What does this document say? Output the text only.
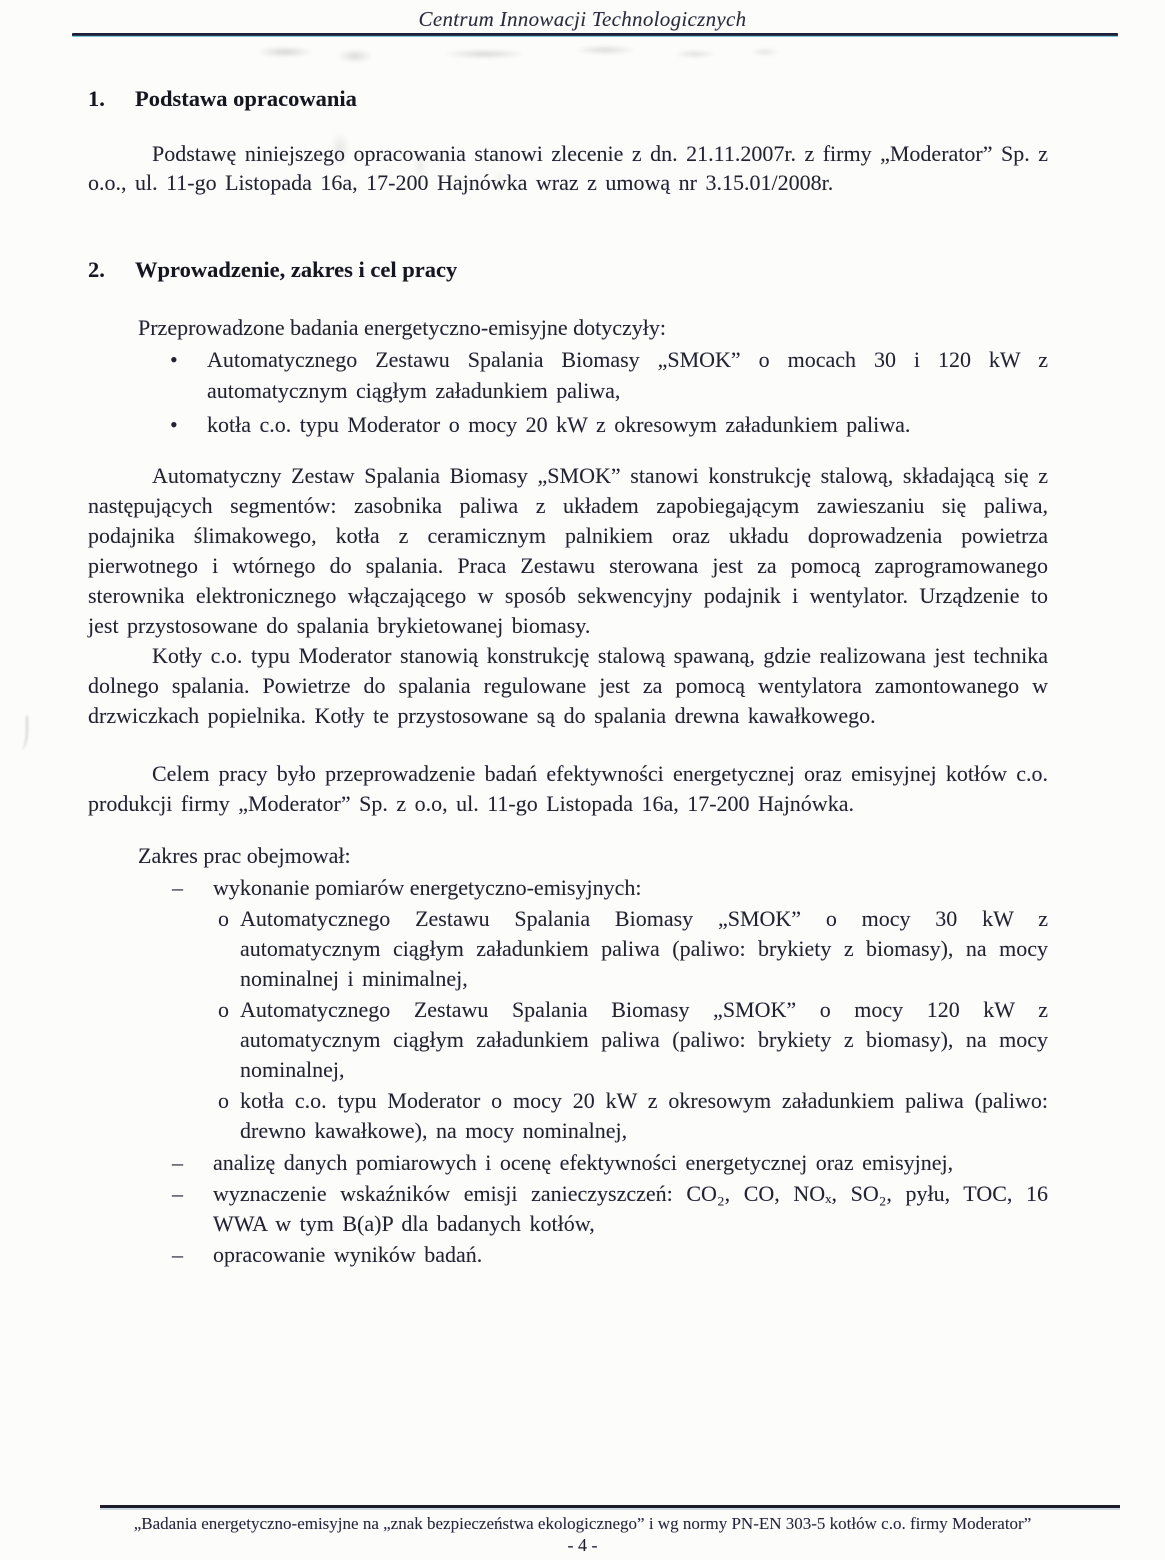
Centrum Innowacji Technologicznych
1.	Podstawa opracowania
Podstawę niniejszego opracowania stanowi zlecenie z dn. 21.11.2007r. z firmy „Moderator” Sp. z o.o., ul. 11-go Listopada 16a, 17-200 Hajnówka wraz z umową nr 3.15.01/2008r.
2.	Wprowadzenie, zakres i cel pracy
Przeprowadzone badania energetyczno-emisyjne dotyczyły:
•	Automatycznego Zestawu Spalania Biomasy „SMOK” o mocach 30 i 120 kW z automatycznym ciągłym załadunkiem paliwa,
•	kotła c.o. typu Moderator o mocy 20 kW z okresowym załadunkiem paliwa.
Automatyczny Zestaw Spalania Biomasy „SMOK” stanowi konstrukcję stalową, składającą się z następujących segmentów: zasobnika paliwa z układem zapobiegającym zawieszaniu się paliwa, podajnika ślimakowego, kotła z ceramicznym palnikiem oraz układu doprowadzenia powietrza pierwotnego i wtórnego do spalania. Praca Zestawu sterowana jest za pomocą zaprogramowanego sterownika elektronicznego włączającego w sposób sekwencyjny podajnik i wentylator. Urządzenie to jest przystosowane do spalania brykietowanej biomasy.
Kotły c.o. typu Moderator stanowią konstrukcję stalową spawaną, gdzie realizowana jest technika dolnego spalania. Powietrze do spalania regulowane jest za pomocą wentylatora zamontowanego w drzwiczkach popielnika. Kotły te przystosowane są do spalania drewna kawałkowego.
Celem pracy było przeprowadzenie badań efektywności energetycznej oraz emisyjnej kotłów c.o. produkcji firmy „Moderator” Sp. z o.o, ul. 11-go Listopada 16a, 17-200 Hajnówka.
Zakres prac obejmował:
–	wykonanie pomiarów energetyczno-emisyjnych:
o Automatycznego Zestawu Spalania Biomasy „SMOK” o mocy 30 kW z automatycznym ciągłym załadunkiem paliwa (paliwo: brykiety z biomasy), na mocy nominalnej i minimalnej,
o Automatycznego Zestawu Spalania Biomasy „SMOK” o mocy 120 kW z automatycznym ciągłym załadunkiem paliwa (paliwo: brykiety z biomasy), na mocy nominalnej,
o kotła c.o. typu Moderator o mocy 20 kW z okresowym załadunkiem paliwa (paliwo: drewno kawałkowe), na mocy nominalnej,
–	analizę danych pomiarowych i ocenę efektywności energetycznej oraz emisyjnej,
–	wyznaczenie wskaźników emisji zanieczyszczeń: CO₂, CO, NOₓ, SO₂, pyłu, TOC, 16 WWA w tym B(a)P dla badanych kotłów,
–	opracowanie wyników badań.
„Badania energetyczno-emisyjne na „znak bezpieczeństwa ekologicznego” i wg normy PN-EN 303-5 kotłów c.o. firmy Moderator”
- 4 -
